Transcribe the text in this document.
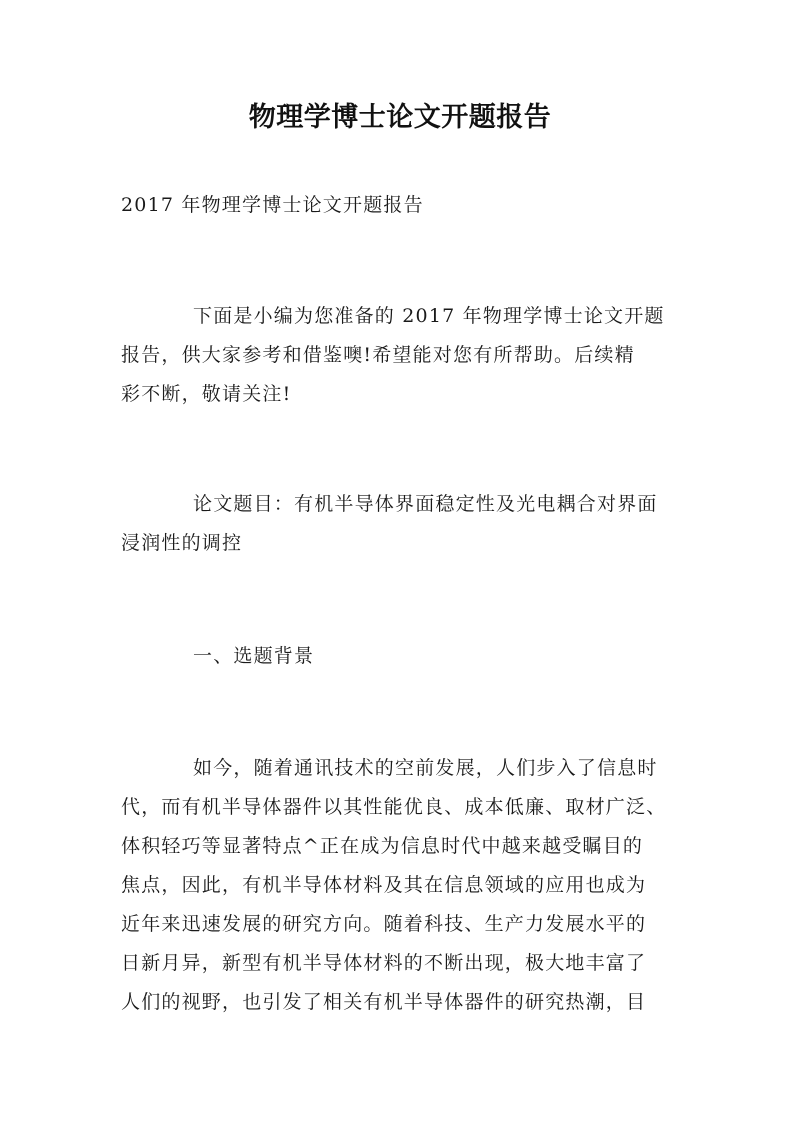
物理学博士论文开题报告
2017 年物理学博士论文开题报告
下面是小编为您准备的 2017 年物理学博士论文开题
报告，供大家参考和借鉴噢!希望能对您有所帮助。后续精
彩不断，敬请关注!
论文题目：有机半导体界面稳定性及光电耦合对界面
浸润性的调控
一、选题背景
如今，随着通讯技术的空前发展，人们步入了信息时
代，而有机半导体器件以其性能优良、成本低廉、取材广泛、
体积轻巧等显著特点^正在成为信息时代中越来越受瞩目的
焦点，因此，有机半导体材料及其在信息领域的应用也成为
近年来迅速发展的研究方向。随着科技、生产力发展水平的
日新月异，新型有机半导体材料的不断出现，极大地丰富了
人们的视野，也引发了相关有机半导体器件的研究热潮，目
